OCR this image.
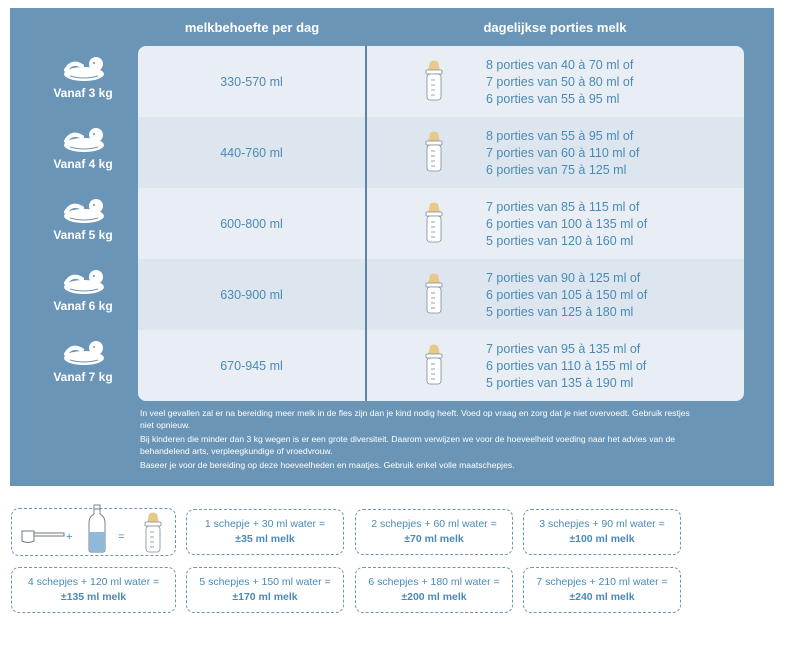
melkbehoefte per dag	dagelijkse porties melk
Vanaf 3 kg
Vanaf 4 kg
Vanaf 5 kg
Vanaf 6 kg
Vanaf 7 kg
330-570 ml
8 porties van 40 à 70 ml of
7 porties van 50 à 80 ml of
6 porties van 55 à 95 ml
440-760 ml
8 porties van 55 à 95 ml of
7 porties van 60 à 110 ml of
6 porties van 75 à 125 ml
600-800 ml
7 porties van 85 à 115 ml of
6 porties van 100 à 135 ml of
5 porties van 120 à 160 ml
630-900 ml
7 porties van 90 à 125 ml of
6 porties van 105 à 150 ml of
5 porties van 125 à 180 ml
670-945 ml
7 porties van 95 à 135 ml of
6 porties van 110 à 155 ml of
5 porties van 135 à 190 ml

In veel gevallen zal er na bereiding meer melk in de fles zijn dan je kind nodig heeft. Voed op vraag en zorg dat je niet overvoedt. Gebruik restjes niet opnieuw.

Bij kinderen die minder dan 3 kg wegen is er een grote diversiteit. Daarom verwijzen we voor de hoeveelheid voeding naar het advies van de behandelend arts, verpleegkundige of vroedvrouw.

Baseer je voor de bereiding op deze hoeveelheden en maatjes. Gebruik enkel volle maatschepjes.

+	=
1 schepje + 30 ml water =
±35 ml melk
2 schepjes + 60 ml water =
±70 ml melk
3 schepjes + 90 ml water =
±100 ml melk
4 schepjes + 120 ml water =
±135 ml melk
5 schepjes + 150 ml water =
±170 ml melk
6 schepjes + 180 ml water =
±200 ml melk
7 schepjes + 210 ml water =
±240 ml melk
